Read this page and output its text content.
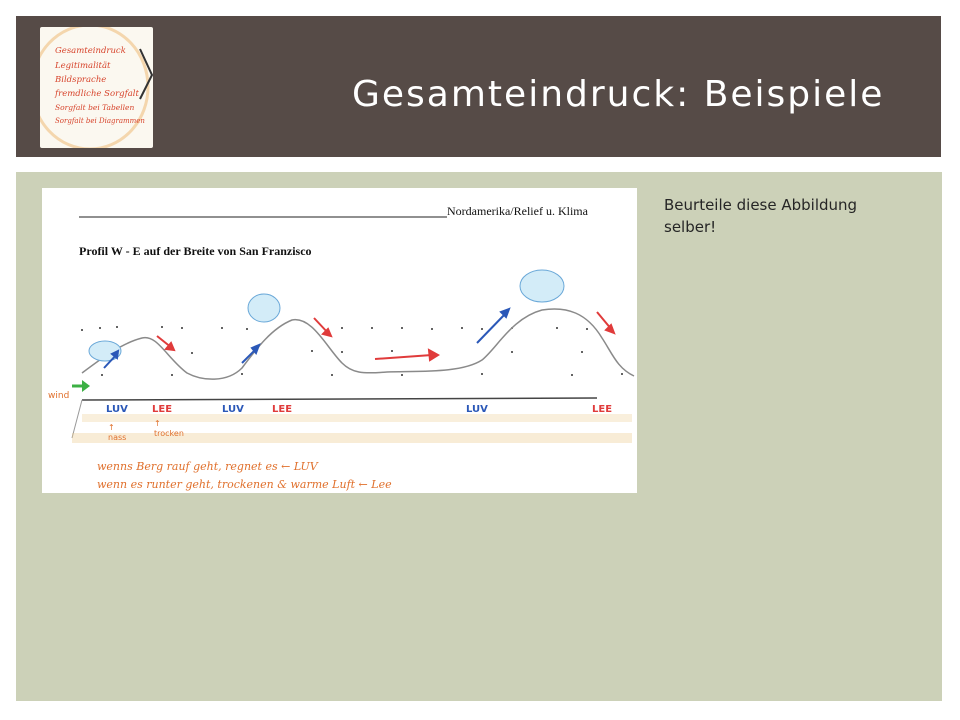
Gesamteindruck
Legitimalität
Bildsprache
fremdliche Sorgfalt
Sorgfalt bei Tabellen
Sorgfalt bei Diagrammen
Gesamteindruck: Beispiele
Nordamerika/Relief u. Klima
Profil W - E auf der Breite von San Franzisco
wind
LUV LEE	LUV	LEE	LUV	LEE
↑
nass
↑
trocken
wenns Berg rauf geht, regnet es ← LUV
wenn es runter geht, trockenen & warme Luft ← Lee
Beurteile diese Abbildung selber!
